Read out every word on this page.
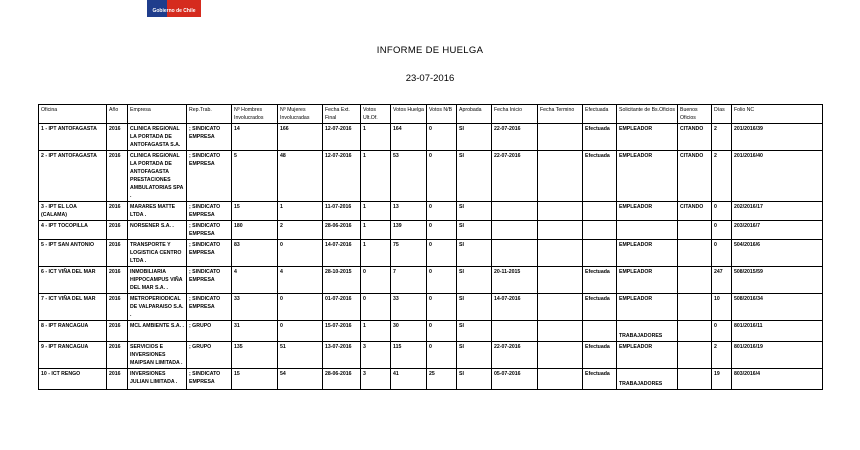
Gobierno de Chile
INFORME DE HUELGA
23-07-2016
Oficina	Año	Empresa	Rep.Trab.	Nº Hombres Involucrados	Nº Mujeres Involucradas	Fecha Ext. Final	Votos Ult.Of.	Votos Huelga	Votos N/B	Aprobada	Fecha Inicio	Fecha Termino	Efectuada	Solicitante de Bs.Oficios	Buenos Oficios	Días	Folio NC
1 - IPT ANTOFAGASTA	2016	CLINICA REGIONAL LA PORTADA DE ANTOFAGASTA S.A.	; SINDICATO EMPRESA	14	166	12-07-2016	1	164	0	SI	22-07-2016		Efectuada	EMPLEADOR	CITANDO	2	201/2016/39
2 - IPT ANTOFAGASTA	2016	CLINICA REGIONAL LA PORTADA DE ANTOFAGASTA PRESTACIONES AMBULATORIAS SPA .	; SINDICATO EMPRESA	5	48	12-07-2016	1	53	0	SI	22-07-2016		Efectuada	EMPLEADOR	CITANDO	2	201/2016/40
3 - IPT EL LOA (CALAMA)	2016	MARARES MATTE LTDA .	; SINDICATO EMPRESA	15	1	11-07-2016	1	13	0	SI				EMPLEADOR	CITANDO	0	202/2016/17
4 - IPT TOCOPILLA	2016	NORSENER S.A. .	; SINDICATO EMPRESA	180	2	28-06-2016	1	139	0	SI						0	203/2016/7
5 - IPT SAN ANTONIO	2016	TRANSPORTE Y LOGISTICA CENTRO LTDA .	; SINDICATO EMPRESA	83	0	14-07-2016	1	75	0	SI				EMPLEADOR		0	504/2016/6
6 - ICT VIÑA DEL MAR	2016	INMOBILIARIA HIPPOCAMPUS VIÑA DEL MAR S.A. .	; SINDICATO EMPRESA	4	4	28-10-2015	0	7	0	SI	20-11-2015		Efectuada	EMPLEADOR		247	508/2015/59
7 - ICT VIÑA DEL MAR	2016	METROPERIODICAL DE VALPARAISO S.A. .	; SINDICATO EMPRESA	33	0	01-07-2016	0	33	0	SI	14-07-2016		Efectuada	EMPLEADOR		10	508/2016/34
8 - IPT RANCAGUA	2016	MCL AMBIENTE S.A. .	; GRUPO	31	0	15-07-2016	1	30	0	SI				TRABAJADORES		0	801/2016/11
9 - IPT RANCAGUA	2016	SERVICIOS E INVERSIONES MAIPSAN LIMITADA .	; GRUPO	135	51	13-07-2016	3	115	0	SI	22-07-2016		Efectuada	EMPLEADOR		2	801/2016/19
10 - ICT RENGO	2016	INVERSIONES JULIAN LIMITADA .	; SINDICATO EMPRESA	15	54	28-06-2016	3	41	25	SI	05-07-2016		Efectuada	TRABAJADORES		19	803/2016/4
